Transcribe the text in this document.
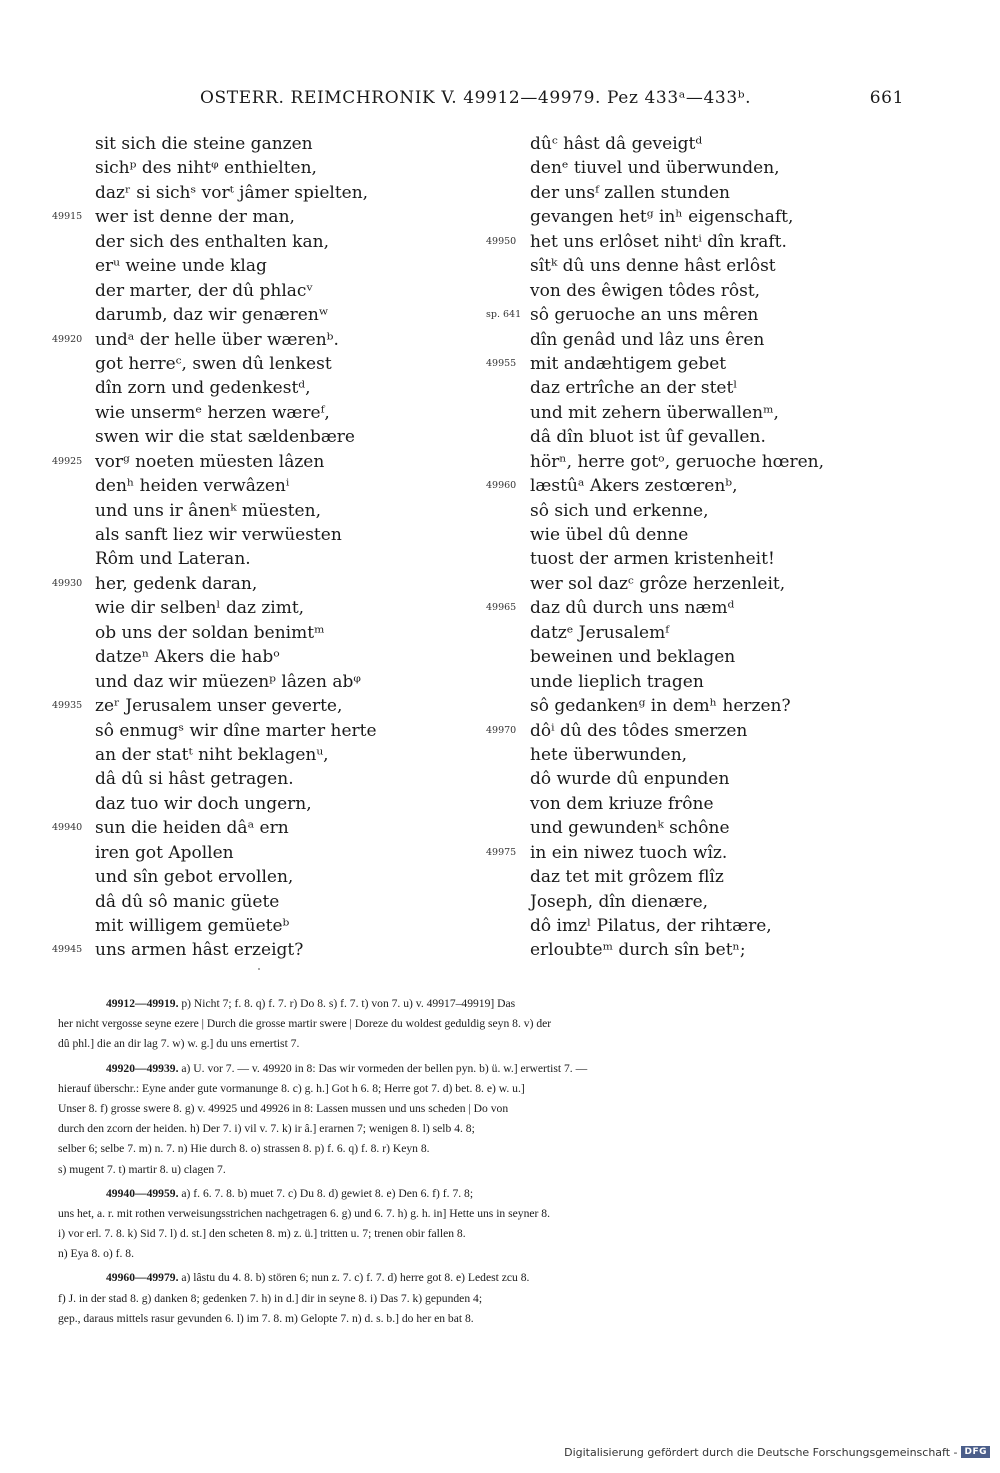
OSTERR. REIMCHRONIK V. 49912—49979. Pez 433ᵃ—433ᵇ.	661
sit sich die steine ganzen
sichᵖ des nihtᵠ enthielten,
dazʳ si sichˢ vorᵗ jâmer spielten,
49915 wer ist denne der man,
der sich des enthalten kan,
erᵘ weine unde klag
der marter, der dû phlacᵛ
darumb, daz wir genærenʷ
49920 undᵃ der helle über wærenᵇ.
got herreᶜ, swen dû lenkest
dîn zorn und gedenkestᵈ,
wie unsermᵉ herzen wæreᶠ,
swen wir die stat sældenbære
49925 vorᵍ noeten müesten lâzen
denʰ heiden verwâzenⁱ
und uns ir ânenᵏ müesten,
als sanft liez wir verwüesten
Rôm und Lateran.
49930 her, gedenk daran,
wie dir selbenˡ daz zimt,
ob uns der soldan benimtᵐ
datzeⁿ Akers die habᵒ
und daz wir müezenᵖ lâzen abᵠ
49935 zeʳ Jerusalem unser geverte,
sô enmugˢ wir dîne marter herte
an der statᵗ niht beklagenᵘ,
dâ dû si hâst getragen.
daz tuo wir doch ungern,
49940 sun die heiden dâᵃ ern
iren got Apollen
und sîn gebot ervollen,
dâ dû sô manic güete
mit willigem gemüeteᵇ
49945 uns armen hâst erzeigt?
dûᶜ hâst dâ geveigtᵈ
denᵉ tiuvel und überwunden,
der unsᶠ zallen stunden
gevangen hetᵍ inʰ eigenschaft,
49950 het uns erlôset nihtⁱ dîn kraft.
sîtᵏ dû uns denne hâst erlôst
von des êwigen tôdes rôst,
sp. 641 sô geruoche an uns mêren
dîn genâd und lâz uns êren
49955 mit andæhtigem gebet
daz ertrîche an der stetˡ
und mit zehern überwallenᵐ,
dâ dîn bluot ist ûf gevallen.
hörⁿ, herre gotᵒ, geruoche hœren,
49960 læstûᵃ Akers zestœrenᵇ,
sô sich und erkenne,
wie übel dû denne
tuost der armen kristenheit!
wer sol dazᶜ grôze herzenleit,
49965 daz dû durch uns næmᵈ
datzᵉ Jerusalemᶠ
beweinen und beklagen
unde lieplich tragen
sô gedankenᵍ in demʰ herzen?
49970 dôⁱ dû des tôdes smerzen
hete überwunden,
dô wurde dû enpunden
von dem kriuze frône
und gewundenᵏ schône
49975 in ein niwez tuoch wîz.
daz tet mit grôzem flîz
Joseph, dîn dienære,
dô imzˡ Pilatus, der rihtære,
erloubteᵐ durch sîn betⁿ;
49912—49919. p) Nicht 7; f. 8. q) f. 7. r) Do 8. s) f. 7. t) von 7. u) v. 49917–49919] Das
her nicht vergosse seyne ezere | Durch die grosse martir swere | Doreze du woldest geduldig seyn 8. v) der
dû phl.] die an dir lag 7. w) w. g.] du uns ernertist 7.
49920—49939. a) U. vor 7. — v. 49920 in 8: Das wir vormeden der bellen pyn. b) ü. w.] erwertist 7. —
hierauf überschr.: Eyne ander gute vormanunge 8. c) g. h.] Got h 6. 8; Herre got 7. d) bet. 8. e) w. u.]
Unser 8. f) grosse swere 8. g) v. 49925 und 49926 in 8: Lassen mussen und uns scheden | Do von
durch den zcorn der heiden. h) Der 7. i) vil v. 7. k) ir â.] erarnen 7; wenigen 8. l) selb 4. 8;
selber 6; selbe 7. m) n. 7. n) Hie durch 8. o) strassen 8. p) f. 6. q) f. 8. r) Keyn 8.
s) mugent 7. t) martir 8. u) clagen 7.
49940—49959. a) f. 6. 7. 8. b) muet 7. c) Du 8. d) gewiet 8. e) Den 6. f) f. 7. 8;
uns het, a. r. mit rothen verweisungsstrichen nachgetragen 6. g) und 6. 7. h) g. h. in] Hette uns in seyner 8.
i) vor erl. 7. 8. k) Sid 7. l) d. st.] den scheten 8. m) z. ü.] tritten u. 7; trenen obir fallen 8.
n) Eya 8. o) f. 8.
49960—49979. a) lâstu du 4. 8. b) stören 6; nun z. 7. c) f. 7. d) herre got 8. e) Ledest zcu 8.
f) J. in der stad 8. g) danken 8; gedenken 7. h) in d.] dir in seyne 8. i) Das 7. k) gepunden 4;
gep., daraus mittels rasur gevunden 6. l) im 7. 8. m) Gelopte 7. n) d. s. b.] do her en bat 8.
Digitalisierung gefördert durch die Deutsche Forschungsgemeinschaft - DFG
